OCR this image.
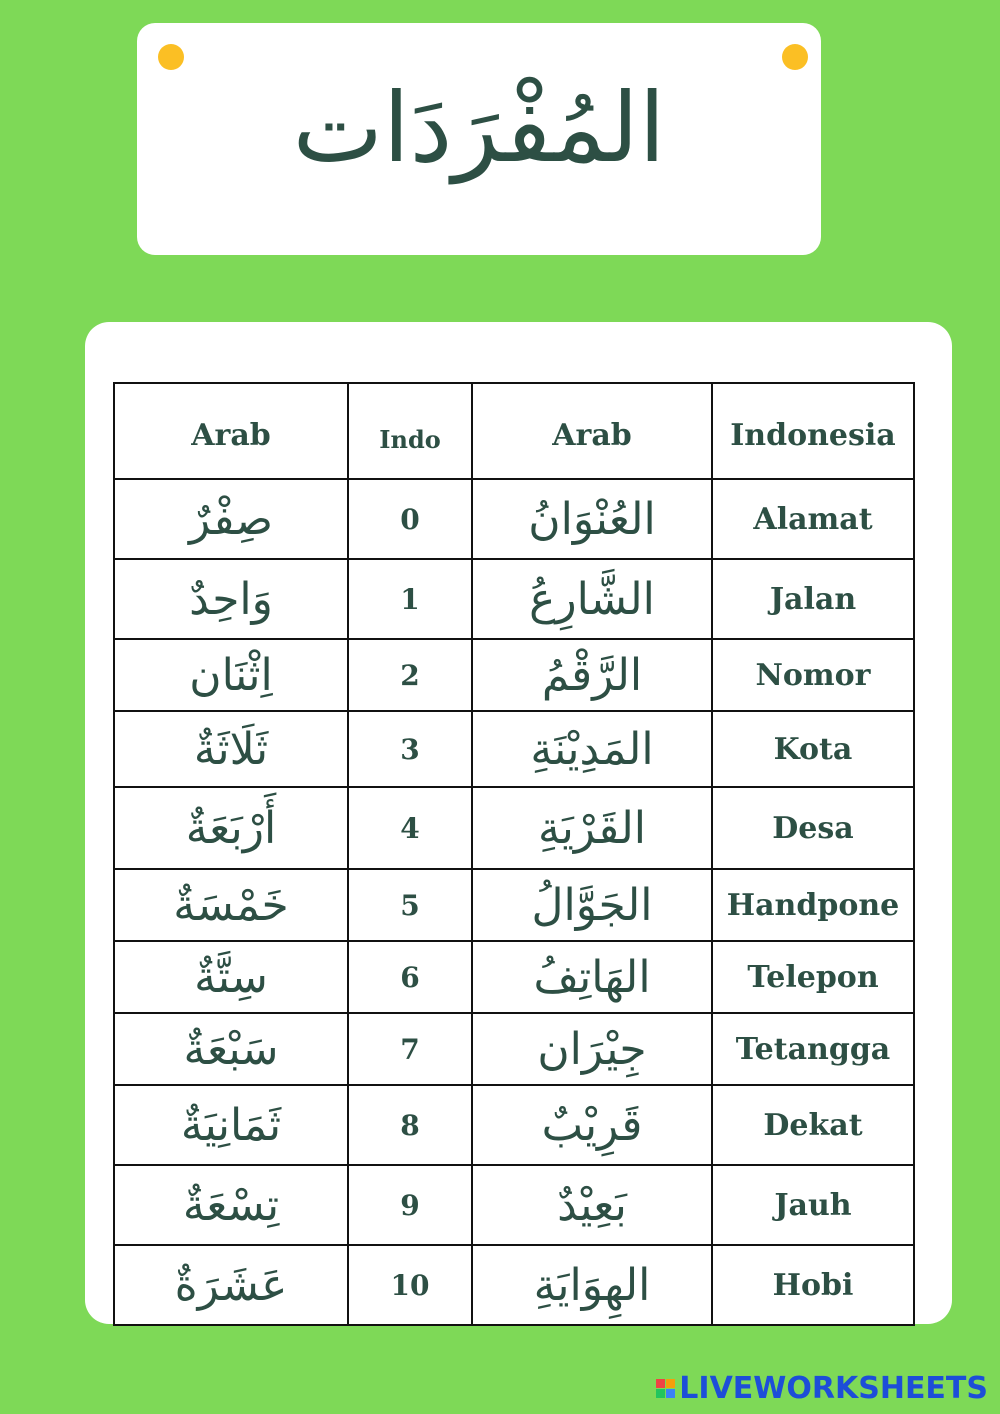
المُفْرَدَات
Arab	Indo	Arab	Indonesia
صِفْرٌ	0	العُنْوَانُ	Alamat
وَاحِدٌ	1	الشَّارِعُ	Jalan
اِثْنَان	2	الرَّقْمُ	Nomor
ثَلَاثَةٌ	3	المَدِيْنَةِ	Kota
أَرْبَعَةٌ	4	القَرْيَةِ	Desa
خَمْسَةٌ	5	الجَوَّالُ	Handpone
سِتَّةٌ	6	الهَاتِفُ	Telepon
سَبْعَةٌ	7	جِيْرَان	Tetangga
ثَمَانِيَةٌ	8	قَرِيْبٌ	Dekat
تِسْعَةٌ	9	بَعِيْدٌ	Jauh
عَشَرَةٌ	10	الهِوَايَةِ	Hobi
LIVEWORKSHEETS
